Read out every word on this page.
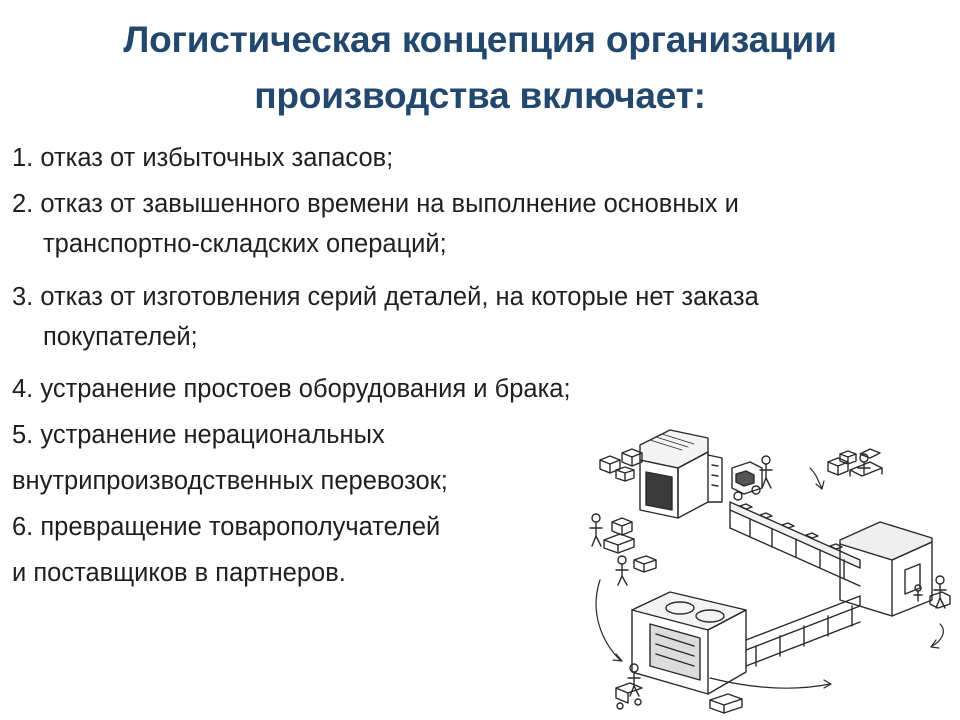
Логистическая концепция организации
производства включает:
1. отказ от избыточных запасов;
2. отказ от завышенного времени на выполнение основных и
транспортно-складских операций;
3. отказ от изготовления серий деталей, на которые нет заказа
покупателей;
4. устранение простоев оборудования и брака;
5. устранение нерациональных
внутрипроизводственных перевозок;
6. превращение товарополучателей
и поставщиков в партнеров.
